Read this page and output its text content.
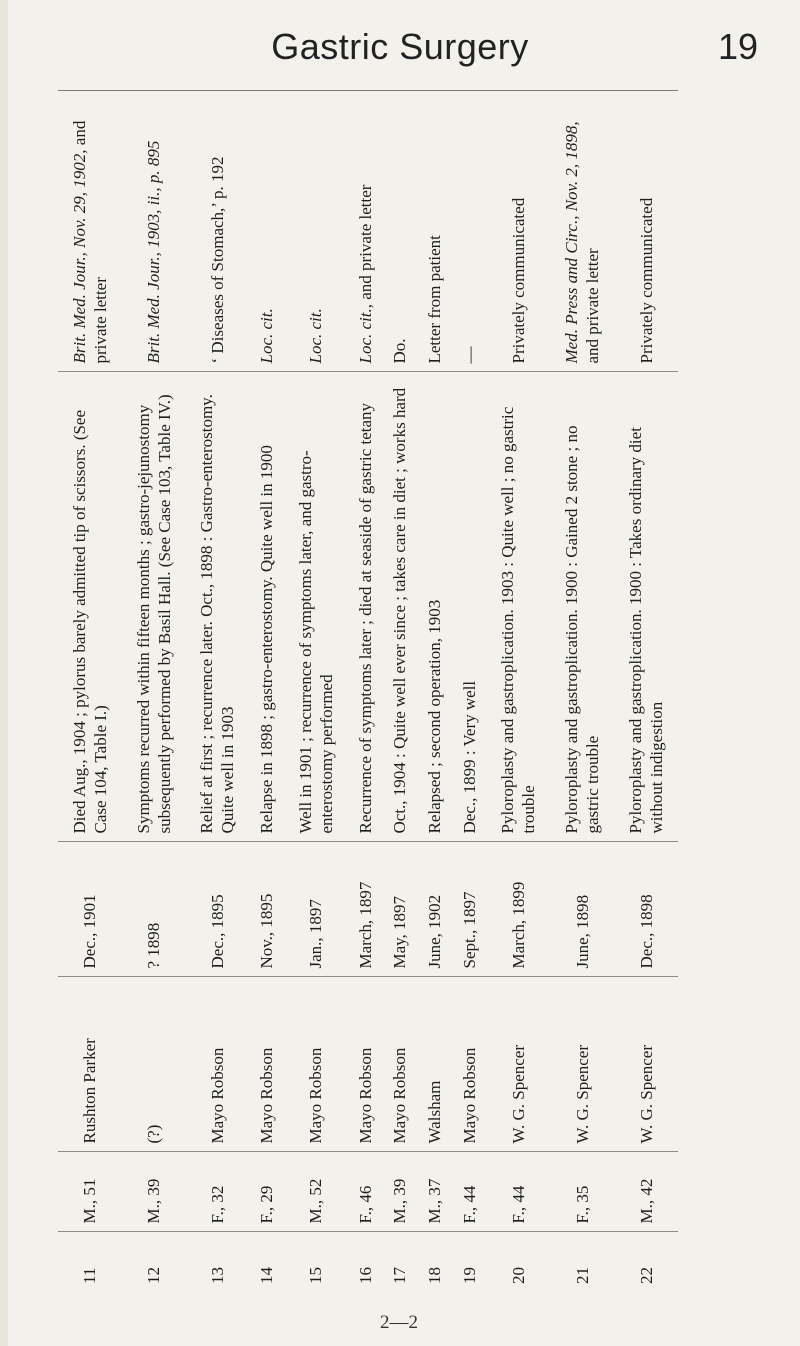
Gastric Surgery	19
11	M., 51	Rushton Parker	Dec., 1901	Died Aug., 1904 ; pylorus barely admitted tip of scissors. (See Case 104, Table I.)	Brit. Med. Jour., Nov. 29, 1902, and private letter
12	M., 39	(?)	? 1898	Symptoms recurred within fifteen months ; gastro-jejunostomy subsequently performed by Basil Hall. (See Case 103, Table IV.)	Brit. Med. Jour., 1903, ii., p. 895
13	F., 32	Mayo Robson	Dec., 1895	Relief at first ; recurrence later. Oct., 1898 : Gastro-enterostomy. Quite well in 1903	‘ Diseases of Stomach,’ p. 192
14	F., 29	Mayo Robson	Nov., 1895	Relapse in 1898 ; gastro-enterostomy. Quite well in 1900	Loc. cit.
15	M., 52	Mayo Robson	Jan., 1897	Well in 1901 ; recurrence of symptoms later, and gastro-enterostomy performed	Loc. cit.
16	F., 46	Mayo Robson	March, 1897	Recurrence of symptoms later ; died at seaside of gastric tetany	Loc. cit., and private letter
17	M., 39	Mayo Robson	May, 1897	Oct., 1904 : Quite well ever since ; takes care in diet ; works hard	Do.
18	M., 37	Walsham	June, 1902	Relapsed ; second operation, 1903	Letter from patient
19	F., 44	Mayo Robson	Sept., 1897	Dec., 1899 : Very well	—
20	F., 44	W. G. Spencer	March, 1899	Pyloroplasty and gastroplication. 1903 : Quite well ; no gastric trouble	Privately communicated
21	F., 35	W. G. Spencer	June, 1898	Pyloroplasty and gastroplication. 1900 : Gained 2 stone ; no gastric trouble	Med. Press and Circ., Nov. 2, 1898, and private letter
22	M., 42	W. G. Spencer	Dec., 1898	Pyloroplasty and gastroplication. 1900 : Takes ordinary diet without indigestion	Privately communicated
2—2
